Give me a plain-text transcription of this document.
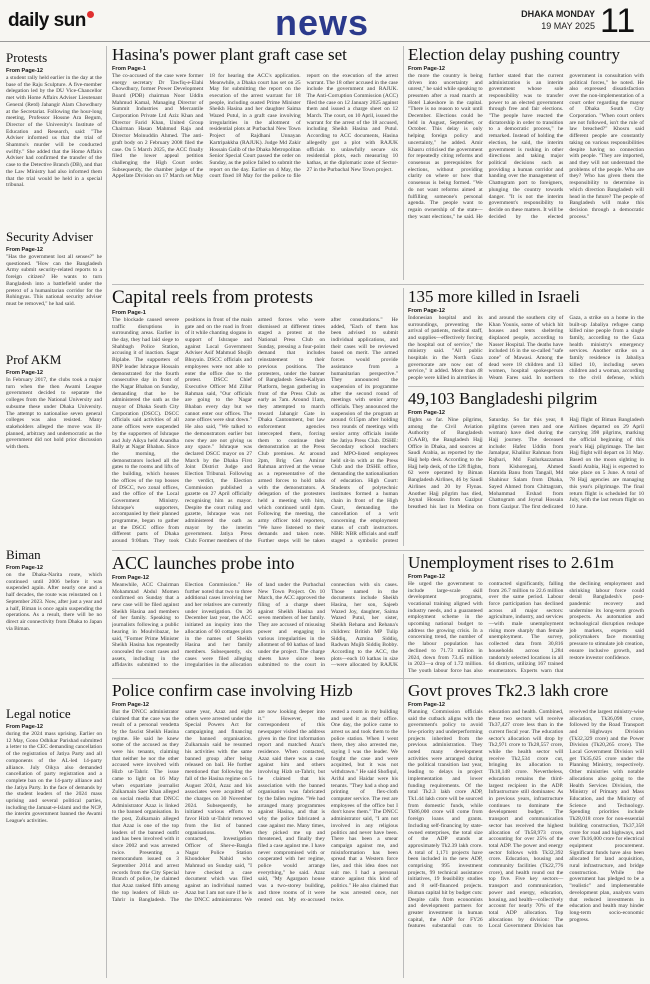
daily sun	news	DHAKA MONDAY
19 MAY 2025 11
Protests
From Page-12
a student rally held earlier in the day at the base of the Raju Sculpture. A five-member delegation led by the DU Vice-Chancellor met with Home Affairs Adviser Lieutenant General (Retd) Jahangir Alam Chowdhury at the Secretariat. Following the hour-long meeting, Professor Hossne Ara Begum, Director of the University's Institute of Education and Research, said: "The Adviser informed us that the trial of Shammo's murder will be conducted swiftly." She added that the Home Affairs Adviser had confirmed the transfer of the case to the Detective Branch (DB), and that the Law Ministry had also informed them that the trial would be held in a special tribunal.
Security Adviser
From Page-12
"Has the government lost all senses?" he questioned. "How can the Bangladesh Army submit security-related reports to a foreign citizen? He wants to turn Bangladesh into a battlefield under the pretext of a humanitarian corridor for the Rohingyas. This national security adviser must be removed," he had said.
Prof AKM
From Page-12
In February 2017, the clubs took a major turn when the then Awami League government decided to separate the colleges from the National University and subsume these under Dhaka University. The attempt to nationalise seven general colleges was also resisted. Many stakeholders alleged the move was ill-planned, arbitrary and undemocratic as the government did not hold prior discussion with them.
Biman
From Page-12
on the Dhaka-Narita route, which continued until 2006 before it was suspended again. After nearly one and a half decades, the route was reinstated on 1 September 2023. Now, after just a year and a half, Biman is once again suspending the operations. As a result, there will be no direct air connectivity from Dhaka to Japan via Biman.
Legal notice
From Page-12
during the 2024 mass uprising. Earlier on 12 May, Gono Odhikar Parishad submitted a letter to the CEC demanding cancellation of the registration of Jatiya Party and all components of the AL-led 14-party alliance. July Oikya also demanded cancellation of party registration and a complete ban on the 14-party alliance and the Jatiya Party. In the face of demands by the student leaders of the 2024 mass uprising and several political parties, including the Jamaat-e-Islami and the NCP, the interim government banned the Awami League's activities.
Hasina's power plant graft case set
From Page-1
The co-accused of the case were former energy secretary Dr Tawfiq-e-Elahi Chowdhury, former Power Development Board (PDB) chairman Noor Uddin Mahmud Kamal, Managing Director of Summit Industries and Mercantile Corporation Private Ltd Aziz Khan and Director Farid Khan, United Group Chairman Hasan Mahmud Raja and Director Moinuddin Ahmed. The anti-graft body on 2 February 2008 filed the case. On 5 March 2025, the ACC finally filed the lower appeal petition challenging the High Court order. Subsequently, the chamber judge of the Appellate Division on 17 March set May 18 for hearing the ACC's application. Meanwhile, a Dhaka court has set on 25 May for submitting the report on the execution of the arrest warrant for 18 people, including ousted Prime Minister Sheikh Hasina and her daughter Saima Wazed Putul, in a graft case involving irregularities in the allotment of residential plots at Purbachal New Town Project of Rajdhani Unnayan Kartripakkha (RAJUK). Judge Md Zakir Hossain Galib of the Dhaka Metropolitan Senior Special Court passed the order on Sunday, as the police failed to submit the report on the day. Earlier on 4 May, the court fixed 18 May for the police to file report on the execution of the arrest warrant. The 18 other accused in the case include the government and RAJUK. The Anti-Corruption Commission (ACC) filed the case on 12 January 2025 against them and issued a charge sheet on 12 March. The court, on 10 April, issued the warrant for the arrest of the 18 accused, including Sheikh Hasina and Putul. According to ACC documents, Hasina allegedly got a plot with RAJUK officials to unlawfully secure six residential plots, each measuring 10 kathas, at the diplomatic zone of Sector-27 in the Purbachal New Town project.
Election delay pushing country
From Page-12
the more the country is being driven into uncertainty and unrest," he said while speaking to pressmen after a road march at Hotel Lakeshore in the capital. "There is no reason to wait until December. Elections could be held in August, September, or October. This delay is only helping foreign policy and uncertainty," he added. Amir Khasru criticised the government for repeatedly citing reforms and consensus as prerequisites for elections, without providing clarity on where or how that consensus is being formed. "We do not want reforms aimed at fulfilling someone's personal agenda. The people want to regain ownership of the state—they want elections," he said. He further stated that the current administration is an interim government whose sole responsibility was to transfer power to an elected government through free and fair elections. "The people have reacted the dictatorship in order to transition to a democratic process," he remarked. Instead of holding the election, he said, the interim government is rushing in other directions and taking major political decisions such as providing a human corridor and handing over the management of Chattogram port to foreigners, plunging the country towards danger. "It is not the interim government's responsibility to decide on these matters. It will be decided by the elected government in consultation with political forces," he noted. He also expressed dissatisfaction over the non-implementation of a court order regarding the mayor of Dhaka South City Corporation. "When court orders are not followed, isn't the rule of law breached?" Khosru said different people are constantly taking on various responsibilities despite having no connection with people. "They are imported, and they will not understand the problems of the people. Who are they? Who has given them the responsibility to determine in which direction Bangladesh will head in the future? The people of Bangladesh will make this decision through a democratic process."
Capital reels from protests
From Page-1
The blockade caused severe traffic disruptions in surrounding areas. Earlier in the day, they had laid siege to Shahbagh Police Station, accusing it of inaction. Sagar Biplabe. The supporters of BNP leader Ishraque Hossain demonstrated for the fourth consecutive day in front of the Nagar Bhaban on Sunday, demanding that he be administered the oath as the mayor of Dhaka South City Corporation (DSCC). DSCC officials said activities of all zone offices were suspended by the supporters of Ishraque and July Aikya held Anandha Rally at Nagar Bhaban. Since the morning, the demonstrators locked all the gates to the rooms and lifts of the building, which houses the offices of the top bosses of DSCC, two zonal offices, and the office of the Local Government Ministry. Ishraque's supporters, accompanied by their planned programme, began to gather at the DSCC office from different parts of Dhaka around 9:00am. They took positions in front of the main gate and on the road in front of it while chanting slogans in support of Ishraque and against Local Government Adviser Asif Mahmud Shojib Bhuyain. DSCC officials and employees were not able to enter the office due to the protest. DSCC Chief Executive Officer Md Zillur Rahman said, "Our officials are going to the Nagar Bhaban every day but we cannot enter our offices. The zone offices were shut down." He also said, "We talked to the demonstrators earlier but now they are not giving us any space." Ishraque was declared DSCC mayor on 27 March by the Dhaka First Joint District Judge and Election Tribunal. Following the verdict, the Election Commission published a gazette on 27 April officially recognising him as mayor. Despite the court ruling and gazette, Ishraque was not administered the oath as mayor by the interim government. Jatiya Press Club: Former members of the armed forces who were dismissed at different times staged a protest at the National Press Club on Sunday, pressing a four-point demand that includes reinstatement to their previous positions. The protesters, under the banner of Bangladesh Sena-Kallyan Platform, began gathering in front of the Press Club as early as 7am. Around 11am, they attempted to march toward Jahangir Gate in Dhaka Cantonment, but law enforcement agencies intercepted them, forcing them to continue their demonstration at the Press Club premises. At around 2pm, Brig Gen Amirur Rahman arrived at the venue as a representative of the armed forces to hold talks with the demonstrators. A delegation of the protesters held a meeting with him, which continued until 4pm. Following the meeting, the army officer told reporters, "We have listened to their demands and taken note. Further steps will be taken after consultations." He added, "Each of them has been advised to submit individual applications, and their cases will be reviewed based on merit. The armed forces would provide assistance from a humanitarian perspective." They announced the suspension of its programme after the second round of meetings with senior army officials. They announced the suspension of the program at around 6:15pm after holding two rounds of meetings with senior army officials inside the Jatiya Press Club. DSHE: Secondary school teachers and MPO-listed employees held sit-in with at the Press Club and the DSHE office, demanding the nationalisation of education. High Court: Students of polytechnic institutes formed a human chain in front of the High Court, demanding the cancellation of a writ concerning the employment status of craft instructors. NBR: NBR officials and staff staged a symbolic protest
135 more killed in Israeli
From Page-12
Indonesian hospital and its surroundings, preventing the arrival of patients, medical staff, and supplies—effectively forcing the hospital out of service," the ministry said. "All public hospitals in the North Gaza governorate are now out of service," it added. More than 48 people were killed in airstrikes in and around the southern city of Khan Younis, some of which hit houses and tents sheltering displaced people, according to Nasser Hospital. The deaths have included 16 in the so-called "safe zone" of Mawasi. Among the dead were 18 children and 13 women, hospital spokesperson Weam Fares said. In northern Gaza, a strike on a home in the built-up Jabaliya refugee camp killed nine people from a single family, according to the Gaza health ministry's emergency services. Another strike on a family residence in Jabaliya killed 10, including seven children and a woman, according to the civil defense, which
49,103 Bangladeshi pilgrim
From Page-12
flights so far. Nine pilgrims, among the Civil Aviation Authority of Bangladesh (CAAB), the Bangladesh Hajj Office in Dhaka, and sources at Saudi Arabia, as reported by the Hajj help desk. According to the Hajj help desk, of the 128 flights, 62 were operated by Biman Bangladesh Airlines, 46 by Saudi Airlines and 20 by Flynas. Another Hajj pilgrim has died, Joynal Hossain from Gazipur breathed his last in Medina on Saturday. So far this year, 8 pilgrims (seven men and one woman) have died during the Hajj journey. The deceased include: Hafez Uddin from Jamalpur, Khalilur Rahman from Rajbari, Md Fazlurkazzaman from Kishoreganj, Ahmed Hamida Banu from Tangail, Md Shahinur Salam from Dhaka, Sayed Ahmed from Chittagram, Mohammad Ershad from Chattogram and Joynal Hossain from Gazipur. The first dedicated Hajj flight of Biman Bangladesh Airlines departed on 29 April carrying 398 pilgrims, marking the official beginning of this year's Hajj pilgrimage. The last Hajj flight will depart on 31 May. Based on the moon sighting in Saudi Arabia, Hajj is expected to take place on 5 June. A total of 78 Hajj agencies are managing this year's pilgrimage. The final return flight is scheduled for 10 July, with the last return flight on 10 June.
ACC launches probe into
From Page-12
Meanwhile, ACC Chairman Mohammad Abdul Momen confirmed on Sunday that a new case will be filed against Sheikh Hasina and members of her family. Speaking to journalists following a public hearing in Moulvibazar, he said, "Former Prime Minister Sheikh Hasina has repeatedly concealed the court cases and assets, including in the affidavits submitted to the Election Commission." He further noted that two to three additional cases involving her and her relatives are currently under investigation. On 26 December last year, the ACC initiated an inquiry into the allocation of 60 cottages plots in the names of Sheikh Hasina and her family members. Subsequently, six cases were filed alleging irregularities in the allocation of land under the Purbachal New Town Project. On 10 March, the ACC approved the filing of a charge sheet against Sheikh Hasina and seven members of her family. They are accused of misusing power and engaging in various irregularities in the allotment of 60 kathas of land under the project. The charge sheets have since been submitted to the court in connection with six cases. Those named in the documents include Sheikh Hasina, her son, Sajeeb Wazed Joy, daughter, Saima Wazed Putul, her sister, Sheikh Rehana and Rehana's children: British MP Tulip Siddiq, Azmina Siddiq, Radwan Mujib Siddiq Bobby. According to the ACC, the plots—each 10 kathas in size—were allocated by RAJUK
Unemployment rises to 2.61m
From Page-12
He urged the government to include large-scale skill development programs, vocational training aligned with industry needs, and a guaranteed employment scheme in the upcoming national budget to address the growing crisis. In a concerning trend, the number of the labour population has declined to 71.73 million in 2024, down from 73.45 million in 2023—a drop of 1.72 million. The youth labour force has also contracted significantly, falling from 26.7 million to 22.6 million over the same period. Labour force participation has declined across all major sectors: agriculture, industry, and services—with male unemployment rising more sharply than female unemployment. The survey, collected data from 30,816 households across 1,284 randomly selected locations in all 64 districts, utilizing 167 trained enumerators. Experts warn that the declining employment and shrinking labour force could derail Bangladesh's post-pandemic recovery and undermine its long-term growth prospects. As automation and technological disruption reshape job markets, experts said policymakers face mounting pressure to stimulate job creation, ensure inclusive growth, and restore investor confidence.
Police confirm case involving Hizb
From Page-12
But the DNCC administrator claimed that the case was the result of a personal vendetta by the fascist Sheikh Hasina regime. He said he knew some of the accused as they were his tenants, claiming that neither he nor the other accused were involved with Hizb ut-Tahrir. The issue came to light on 16 May when expatriate journalist Zulkarnain Saer Khan alleged on social media that DNCC Administrator Azaz is linked to the banned organisation. In the post, Zulkarnain alleged that Azaz is one of the top leaders of the banned outfit and has been involved with it since 2002 and was arrested twice. Presenting a memorandum issued on 3 September 2014 and arrest records from the City Special Branch of police, he claimed that Azaz ranked fifth among the top leaders of Hizb ut-Tahrir in Bangladesh. The same year, Azaz and eight others were arrested under the Special Powers Act for campaigning and financing the banned organisation. Zulkarnain said he resumed his activities with the same banned group after being released on bail. He further mentioned that following the fall of the Hasina regime on 5 August 2024, Azaz and his associates were acquitted of the charges on 30 November 2024. Subsequently, he initiated various efforts to favor Hizb ut-Tahrir removed from the list of banned organisations. When contacted, Investigation Officer of Sher-e-Bangla Nagar Police Station Khondoker Nahid who Mahmud on Sunday said, "I have checked a case document which was filed against an individual named Azaz but I am not sure if he is the DNCC administrator. We are now looking deeper into it." However, the correspondent of this newspaper visited the address given in the first information report and matched Azaz's residence. When contacted, Azaz said there was a case against him and others involving Hizb ut-Tahrir, but he claimed that his association with the banned organisation was fabricated by the fallen regime. "We had arranged many programmes against Hasina, and that is why the police fabricated a case against me. Many times, they picked me up and threatened, and finally they filed a case against me. I have never compromised with or cooperated with her regime, police would arrange everything," he said. Azaz said, "My Agargaon house was a two-storey building, and three rooms of it were rented out. My ex-accused rented a room in my building and used it as their office. One day, the police came to arrest us and took them to the police station. When I went there, they also arrested me, saying I was the leader. We fought the case and were acquitted, but it was not withdrawn." He said Shofiqul, Ariful and Haidar were his tenants. "They had a shop and printing of flex-cloth computer service. The rest are employees of the office but I don't know them." The DNCC administrator said, "I am not involved in any religious politics and never have been. There has been a smear campaign against me, and misinformation has been spread that a Western force lies, and this idea does not suit me. I had a personal stance against this kind of politics." He also claimed that he was arrested once, not twice.
Govt proves Tk2.3 lakh crore
From Page-12
Planning Commission officials said the cutback aligns with the government's policy to avoid low-priority and underperforming projects inherited from the previous administration. They noted many development activities were arranged during the political transition last year, leading to delays in project implementation and lower funding requirements. Of the total Tk2.3 lakh crore ADP, Tk1.44 lakh crore will be sourced from domestic funds, while Tk86,000 crore will come from foreign loans and grants. Including self-financing by state-owned enterprises, the total size of the ADP stands at approximately Tk2.39 lakh crore. A total of 1,171 projects have been included in the new ADP, comprising 995 investment projects, 99 technical assistance initiatives, 19 feasibility studies and 8 self-financed projects. Human capital hit by budget cuts: Despite calls from economists and development partners for greater investment in human capital, the ADP for FY26 features substantial cuts to education and health. Combined, these two sectors will receive Tk37,427 crore less than in the current fiscal year. The education sector's allocation will drop by Tk2,971 crore to Tk28,557 crore, while the health sector will receive Tk2,534 crore cut, bringing its allocation to Tk18,148 crore. Nevertheless, education remains the third-largest recipient in the ADP. Infrastructure still dominates: As in previous years, infrastructure continues to dominate the development budget. The transport and communication sector has received the highest allocation of Tk58,973 crore, accounting for over 25% of the total ADP. The power and energy sector follows with Tk32,392 crore. Education, housing and community facilities (Tk22,776 crore), and health round out the top five. Five key sectors—transport and communication, power and energy, education, housing, and health—collectively account for nearly 70% of the total ADP allocation. Top allocations by division: The Local Government Division has received the largest ministry-wise allocation, Tk36,098 crore, followed by the Road Transport and Highways Division (Tk32,329 crore) and the Power Division (Tk20,265 crore). The Local Government Division will get Tk35,625 crore under the Planning Ministry, respectively. Other ministries with notable allocations also going to the Health Services Division, the Ministry of Primary and Mass Education, and the Ministry of Science and Technology. Spending priorities include Tk28,018 crore for non-essential building construction, Tk37,358 crore for road and highways, and over Tk16,000 crore for electrical equipment procurement. Significant funds have also been allocated for land acquisition, rural infrastructure, and bridge construction. While the government has pledged to be a "realistic" and implementable development plan, analysts warn that reduced investments in education and health may hinder long-term socio-economic progress.
